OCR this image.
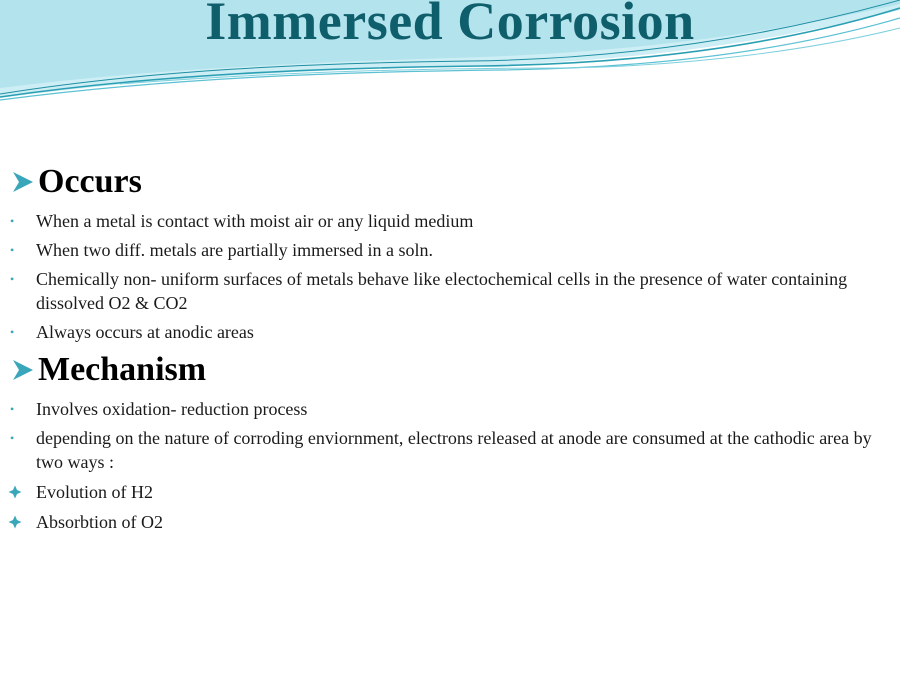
Immersed Corrosion
Occurs
• When a metal is contact with moist air or any liquid medium
• When two diff. metals are partially immersed in a soln.
• Chemically non- uniform surfaces of metals behave like electochemical cells in the presence of water containing dissolved O2 & CO2
• Always occurs at anodic areas
Mechanism
• Involves oxidation- reduction process
• depending on the nature of corroding enviornment, electrons released at anode are consumed at the cathodic area by two ways :
Evolution of H2
Absorbtion of O2
